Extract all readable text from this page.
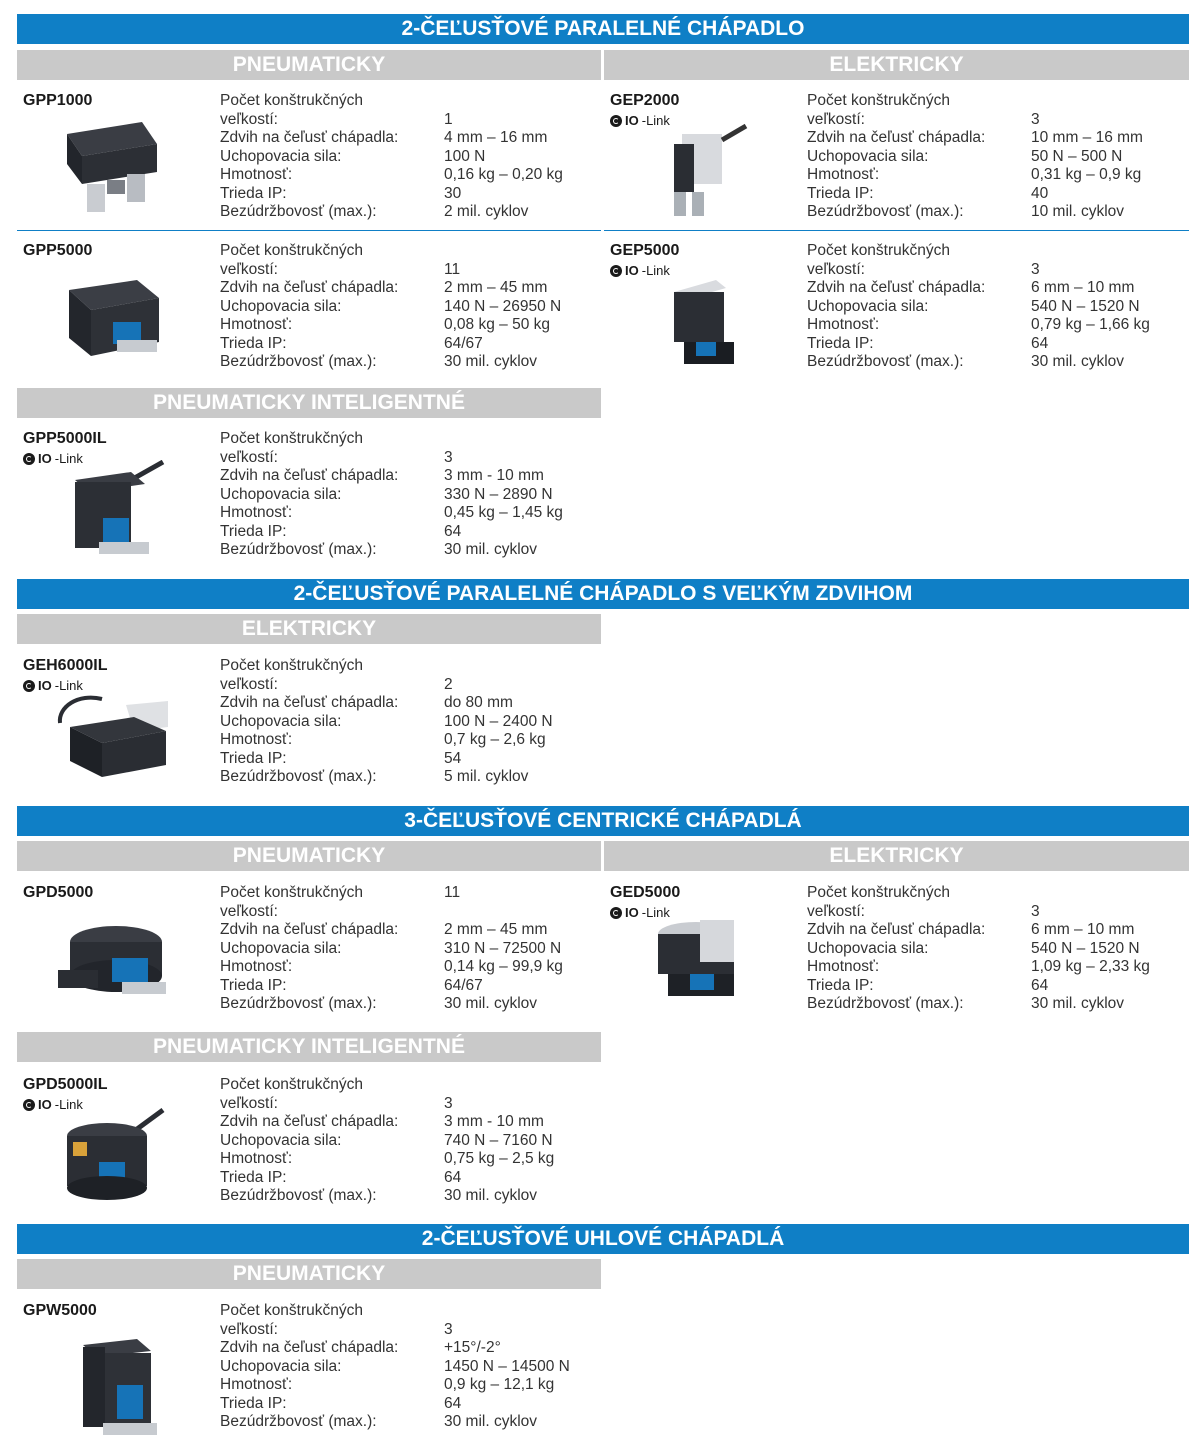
2-ČEĽUSŤOVÉ PARALELNÉ CHÁPADLO
2-ČEĽUSŤOVÉ PARALELNÉ CHÁPADLO S VEĽKÝM ZDVIHOM
3-ČEĽUSŤOVÉ CENTRICKÉ CHÁPADLÁ
2-ČEĽUSŤOVÉ UHLOVÉ CHÁPADLÁ
PNEUMATICKY	ELEKTRICKY
PNEUMATICKY INTELIGENTNÉ
ELEKTRICKY
PNEUMATICKY	ELEKTRICKY
PNEUMATICKY INTELIGENTNÉ
PNEUMATICKY
GPP1000	Počet konštrukčných
veľkostí:	1
Zdvih na čeľusť chápadla:	4 mm – 16 mm
Uchopovacia sila:	100 N
Hmotnosť:	0,16 kg – 0,20 kg
Trieda IP:	30
Bezúdržbovosť (max.):	2 mil. cyklov
GEP2000
IO -Link
Počet konštrukčných
veľkostí:	3
Zdvih na čeľusť chápadla:	10 mm – 16 mm
Uchopovacia sila:	50 N – 500 N
Hmotnosť:	0,31 kg – 0,9 kg
Trieda IP:	40
Bezúdržbovosť (max.):	10 mil. cyklov
GPP5000	Počet konštrukčných
veľkostí:	11
Zdvih na čeľusť chápadla:	2 mm – 45 mm
Uchopovacia sila:	140 N – 26950 N
Hmotnosť:	0,08 kg – 50 kg
Trieda IP:	64/67
Bezúdržbovosť (max.):	30 mil. cyklov
GEP5000
IO -Link
Počet konštrukčných
veľkostí:	3
Zdvih na čeľusť chápadla:	6 mm – 10 mm
Uchopovacia sila:	540 N – 1520 N
Hmotnosť:	0,79 kg – 1,66 kg
Trieda IP:	64
Bezúdržbovosť (max.):	30 mil. cyklov
GPP5000IL
IO -Link
Počet konštrukčných
veľkostí:	3
Zdvih na čeľusť chápadla:	3 mm - 10 mm
Uchopovacia sila:	330 N – 2890 N
Hmotnosť:	0,45 kg – 1,45 kg
Trieda IP:	64
Bezúdržbovosť (max.):	30 mil. cyklov
GEH6000IL
IO -Link
Počet konštrukčných
veľkostí:	2
Zdvih na čeľusť chápadla:	do 80 mm
Uchopovacia sila:	100 N – 2400 N
Hmotnosť:	0,7 kg – 2,6 kg
Trieda IP:	54
Bezúdržbovosť (max.):	5 mil. cyklov
GPD5000	Počet konštrukčných	11
veľkostí:
Zdvih na čeľusť chápadla:	2 mm – 45 mm
Uchopovacia sila:	310 N – 72500 N
Hmotnosť:	0,14 kg – 99,9 kg
Trieda IP:	64/67
Bezúdržbovosť (max.):	30 mil. cyklov
GED5000
IO -Link
Počet konštrukčných
veľkostí:	3
Zdvih na čeľusť chápadla:	6 mm – 10 mm
Uchopovacia sila:	540 N – 1520 N
Hmotnosť:	1,09 kg – 2,33 kg
Trieda IP:	64
Bezúdržbovosť (max.):	30 mil. cyklov
GPD5000IL
IO -Link
Počet konštrukčných
veľkostí:	3
Zdvih na čeľusť chápadla:	3 mm - 10 mm
Uchopovacia sila:	740 N – 7160 N
Hmotnosť:	0,75 kg – 2,5 kg
Trieda IP:	64
Bezúdržbovosť (max.):	30 mil. cyklov
GPW5000	Počet konštrukčných
veľkostí:	3
Zdvih na čeľusť chápadla:	+15°/-2°
Uchopovacia sila:	1450 N – 14500 N
Hmotnosť:	0,9 kg – 12,1 kg
Trieda IP:	64
Bezúdržbovosť (max.):	30 mil. cyklov
